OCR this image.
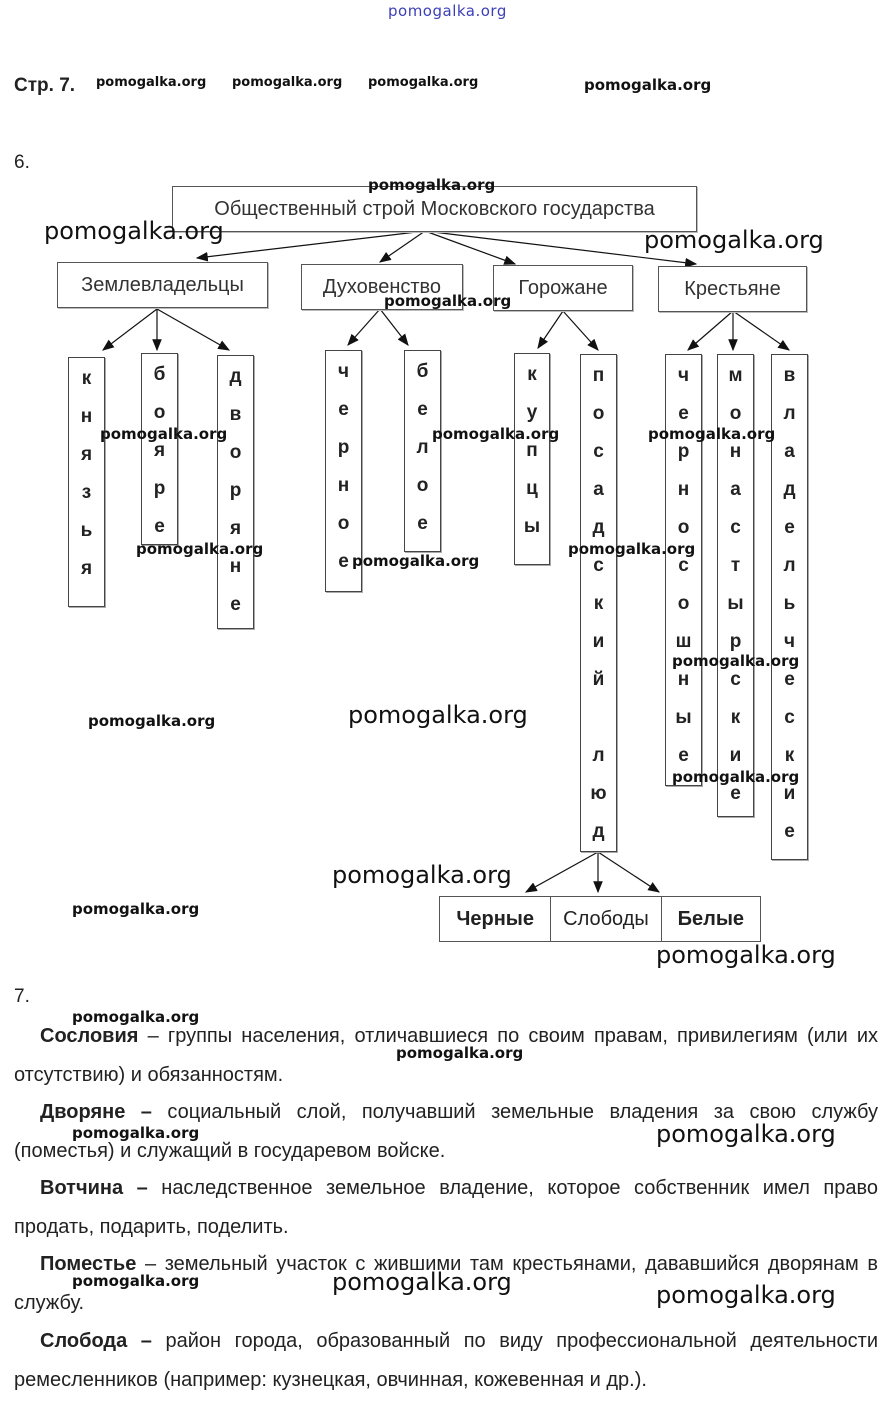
pomogalka.org
Стр. 7.
6.
Общественный строй Московского государства
Землевладельцы	Духовенство	Горожане	Крестьяне
к
н
я
з
ь
я
б
о
я
р
е
д
в
о
р
я
н
е
ч
е
р
н
о
е
б
е
л
о
е
к
у
п
ц
ы
п
о
с
а
д
с
к
и
й

л
ю
д
ч
е
р
н
о
с
о
ш
н
ы
е
м
о
н
а
с
т
ы
р
с
к
и
е
в
л
а
д
е
л
ь
ч
е
с
к
и
е
Черные	Слободы	Белые
7.
Сословия – группы населения, отличавшиеся по своим правам, привилегиям (или их отсутствию) и обязанностям.
Дворяне – социальный слой, получавший земельные владения за свою службу (поместья) и служащий в государевом войске.
Вотчина – наследственное земельное владение, которое собственник имел право продать, подарить, поделить.
Поместье – земельный участок с жившими там крестьянами, дававшийся дворянам в службу.
Слобода – район города, образованный по виду профессиональной деятельности ремесленников (например: кузнецкая, овчинная, кожевенная и др.).
pomogalka.org pomogalka.org pomogalka.org	pomogalka.org
pomogalka.org
pomogalka.org	pomogalka.org
pomogalka.org
pomogalka.org	pomogalka.org	pomogalka.org
pomogalka.org	pomogalka.org
pomogalka.org
pomogalka.org
pomogalka.org	pomogalka.org
pomogalka.org
pomogalka.org
pomogalka.org
pomogalka.org
pomogalka.org
pomogalka.org
pomogalka.org	pomogalka.org
pomogalka.org	pomogalka.org	pomogalka.org
